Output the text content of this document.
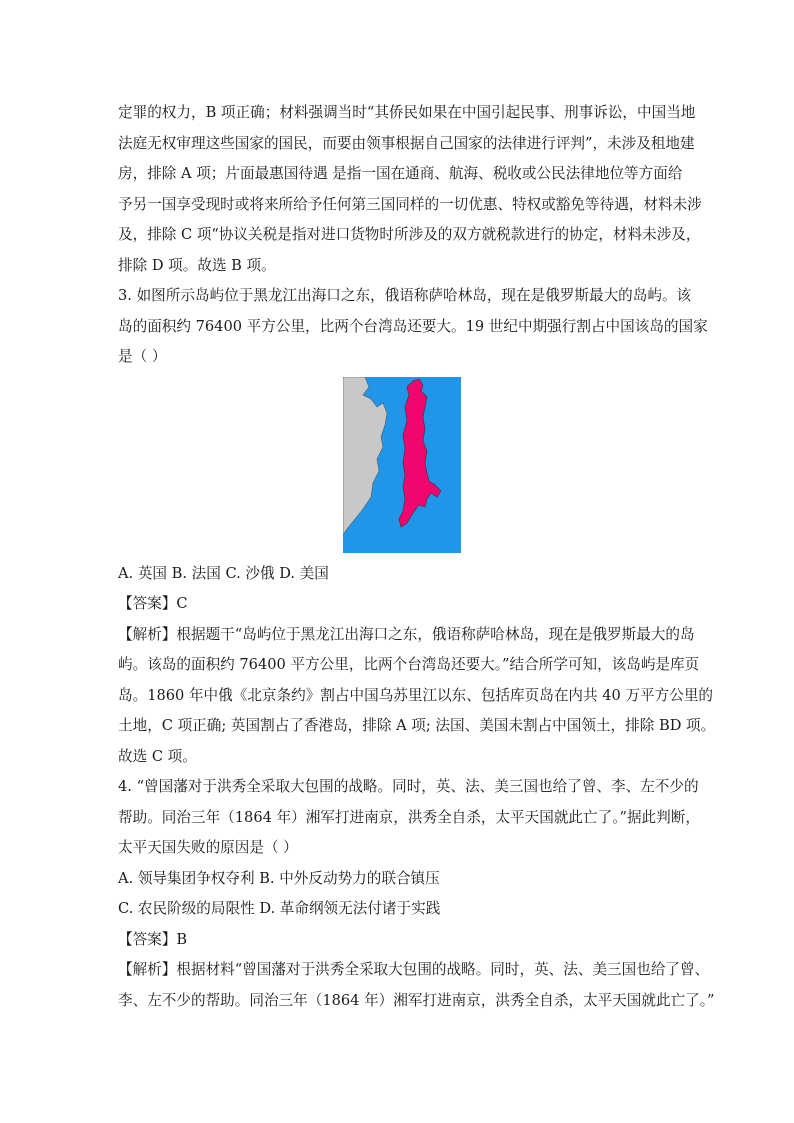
定罪的权力，B 项正确；材料强调当时“其侨民如果在中国引起民事、刑事诉讼，中国当地
法庭无权审理这些国家的国民，而要由领事根据自己国家的法律进行评判”，未涉及租地建
房，排除 A 项；片面最惠国待遇 是指一国在通商、航海、税收或公民法律地位等方面给
予另一国享受现时或将来所给予任何第三国同样的一切优惠、特权或豁免等待遇，材料未涉
及，排除 C 项“协议关税是指对进口货物时所涉及的双方就税款进行的协定，材料未涉及，
排除 D 项。故选 B 项。
3. 如图所示岛屿位于黑龙江出海口之东，俄语称萨哈林岛，现在是俄罗斯最大的岛屿。该
岛的面积约 76400 平方公里，比两个台湾岛还要大。19 世纪中期强行割占中国该岛的国家
是（ ）
A. 英国 B. 法国 C. 沙俄 D. 美国
【答案】C
【解析】根据题干“岛屿位于黑龙江出海口之东，俄语称萨哈林岛，现在是俄罗斯最大的岛
屿。该岛的面积约 76400 平方公里，比两个台湾岛还要大。”结合所学可知，该岛屿是库页
岛。1860 年中俄《北京条约》割占中国乌苏里江以东、包括库页岛在内共 40 万平方公里的
土地，C 项正确; 英国割占了香港岛，排除 A 项; 法国、美国未割占中国领土，排除 BD 项。
故选 C 项。
4. “曾国藩对于洪秀全采取大包围的战略。同时，英、法、美三国也给了曾、李、左不少的
帮助。同治三年（1864 年）湘军打进南京，洪秀全自杀，太平天国就此亡了。”据此判断，
太平天国失败的原因是（ ）
A. 领导集团争权夺利 B. 中外反动势力的联合镇压
C. 农民阶级的局限性 D. 革命纲领无法付诸于实践
【答案】B
【解析】根据材料“曾国藩对于洪秀全采取大包围的战略。同时，英、法、美三国也给了曾、
李、左不少的帮助。同治三年（1864 年）湘军打进南京，洪秀全自杀，太平天国就此亡了。”
